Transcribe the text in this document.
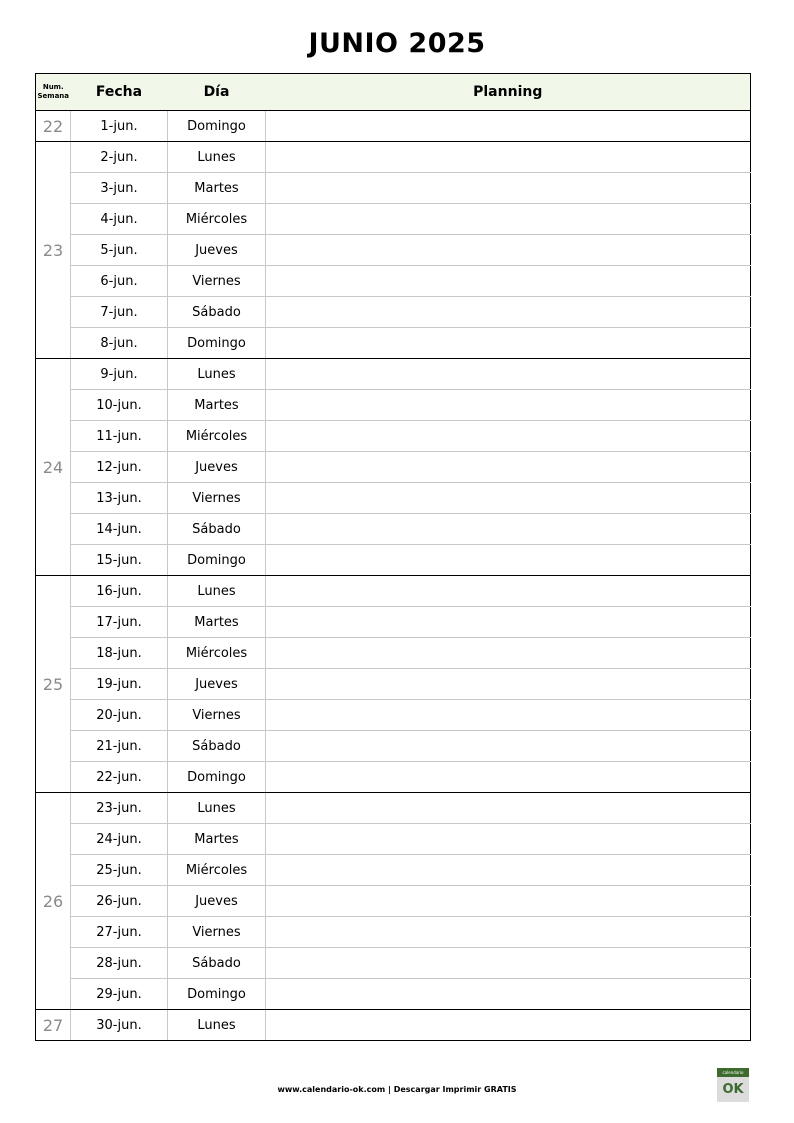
JUNIO 2025
Num.
Semana	Fecha	Día	Planning
22	1-jun.	Domingo	
23	2-jun.	Lunes	
	3-jun.	Martes	
	4-jun.	Miércoles	
	5-jun.	Jueves	
	6-jun.	Viernes	
	7-jun.	Sábado	
	8-jun.	Domingo	
24	9-jun.	Lunes	
	10-jun.	Martes	
	11-jun.	Miércoles	
	12-jun.	Jueves	
	13-jun.	Viernes	
	14-jun.	Sábado	
	15-jun.	Domingo	
25	16-jun.	Lunes	
	17-jun.	Martes	
	18-jun.	Miércoles	
	19-jun.	Jueves	
	20-jun.	Viernes	
	21-jun.	Sábado	
	22-jun.	Domingo	
26	23-jun.	Lunes	
	24-jun.	Martes	
	25-jun.	Miércoles	
	26-jun.	Jueves	
	27-jun.	Viernes	
	28-jun.	Sábado	
	29-jun.	Domingo	
27	30-jun.	Lunes	
www.calendario-ok.com | Descargar Imprimir GRATIS
calendario
OK
